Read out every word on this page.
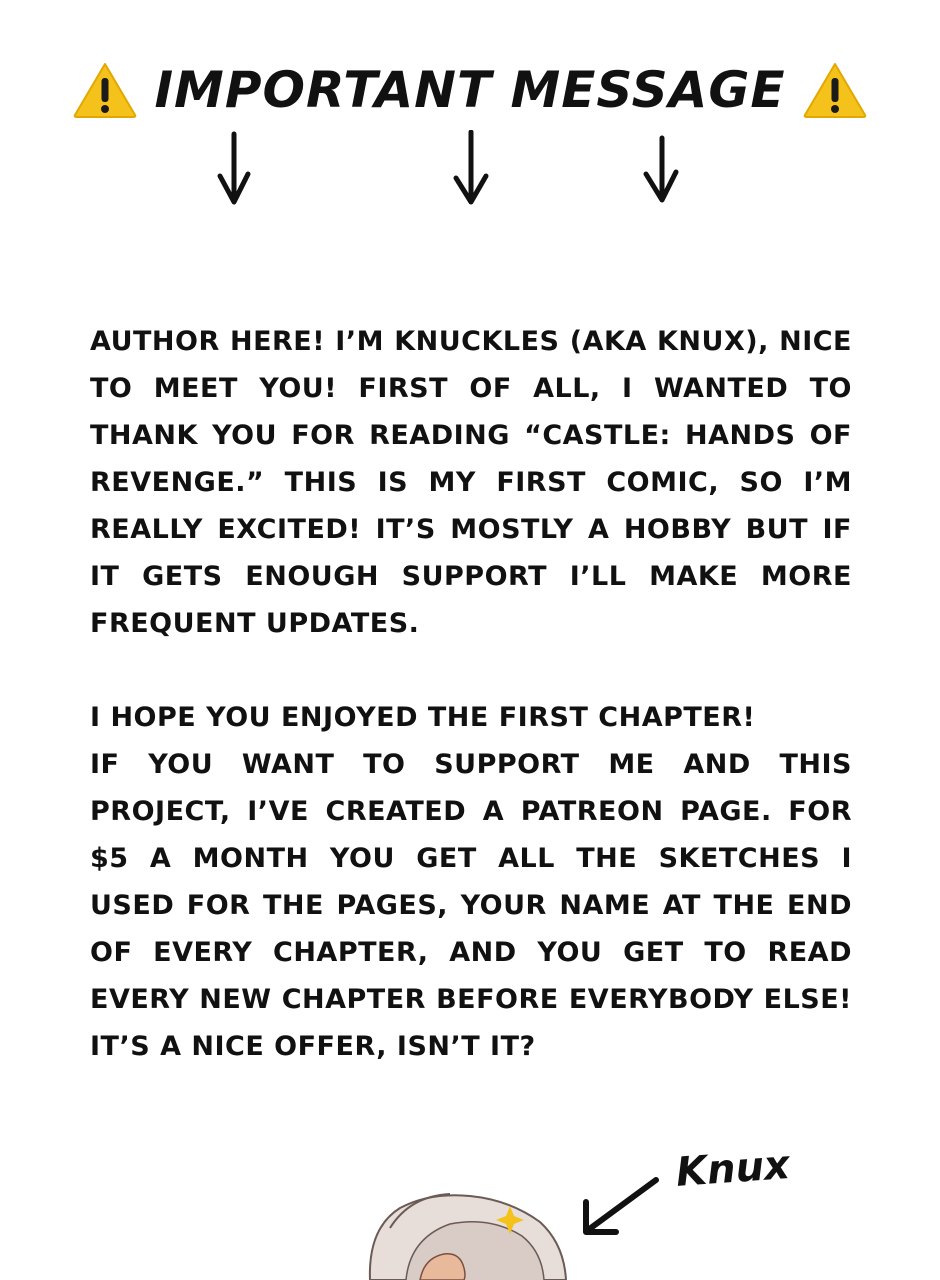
IMPORTANT MESSAGE

AUTHOR HERE! I’M KNUCKLES (AKA KNUX), NICE TO MEET YOU! FIRST OF ALL, I WANTED TO THANK YOU FOR READING “CASTLE: HANDS OF REVENGE.” THIS IS MY FIRST COMIC, SO I’M REALLY EXCITED! IT’S MOSTLY A HOBBY BUT IF IT GETS ENOUGH SUPPORT I’LL MAKE MORE FREQUENT UPDATES.

I HOPE YOU ENJOYED THE FIRST CHAPTER!

IF YOU WANT TO SUPPORT ME AND THIS PROJECT, I’VE CREATED A PATREON PAGE. FOR $5 A MONTH YOU GET ALL THE SKETCHES I USED FOR THE PAGES, YOUR NAME AT THE END OF EVERY CHAPTER, AND YOU GET TO READ EVERY NEW CHAPTER BEFORE EVERYBODY ELSE! IT’S A NICE OFFER, ISN’T IT?

Knux
